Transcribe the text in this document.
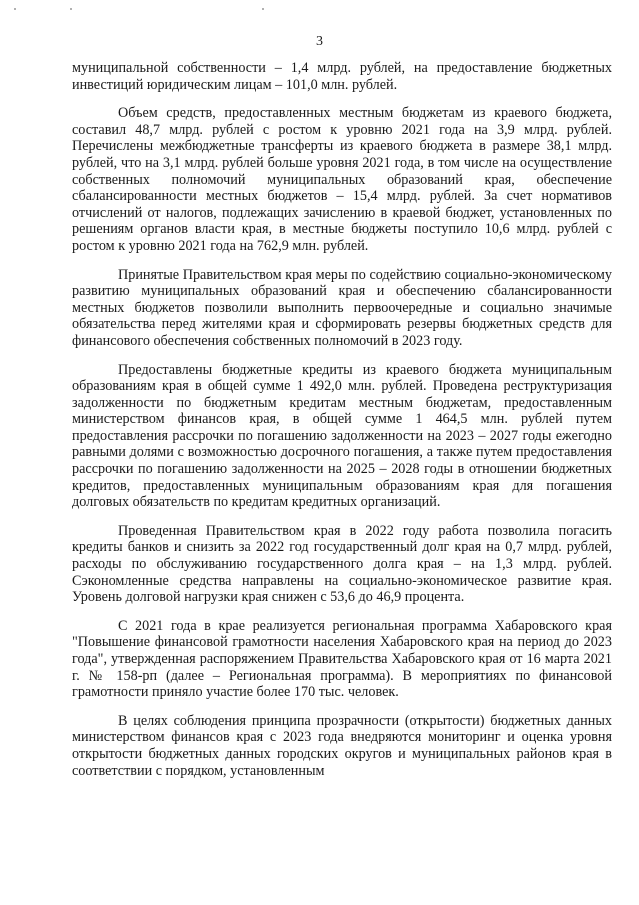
3

муниципальной собственности – 1,4 млрд. рублей, на предоставление бюджетных инвестиций юридическим лицам – 101,0 млн. рублей.

Объем средств, предоставленных местным бюджетам из краевого бюджета, составил 48,7 млрд. рублей с ростом к уровню 2021 года на 3,9 млрд. рублей. Перечислены межбюджетные трансферты из краевого бюджета в размере 38,1 млрд. рублей, что на 3,1 млрд. рублей больше уровня 2021 года, в том числе на осуществление собственных полномочий муниципальных образований края, обеспечение сбалансированности местных бюджетов – 15,4 млрд. рублей. За счет нормативов отчислений от налогов, подлежащих зачислению в краевой бюджет, установленных по решениям органов власти края, в местные бюджеты поступило 10,6 млрд. рублей с ростом к уровню 2021 года на 762,9 млн. рублей.

Принятые Правительством края меры по содействию социально-экономическому развитию муниципальных образований края и обеспечению сбалансированности местных бюджетов позволили выполнить первоочередные и социально значимые обязательства перед жителями края и сформировать резервы бюджетных средств для финансового обеспечения собственных полномочий в 2023 году.

Предоставлены бюджетные кредиты из краевого бюджета муниципальным образованиям края в общей сумме 1 492,0 млн. рублей. Проведена реструктуризация задолженности по бюджетным кредитам местным бюджетам, предоставленным министерством финансов края, в общей сумме 1 464,5 млн. рублей путем предоставления рассрочки по погашению задолженности на 2023 – 2027 годы ежегодно равными долями с возможностью досрочного погашения, а также путем предоставления рассрочки по погашению задолженности на 2025 – 2028 годы в отношении бюджетных кредитов, предоставленных муниципальным образованиям края для погашения долговых обязательств по кредитам кредитных организаций.

Проведенная Правительством края в 2022 году работа позволила погасить кредиты банков и снизить за 2022 год государственный долг края на 0,7 млрд. рублей, расходы по обслуживанию государственного долга края – на 1,3 млрд. рублей. Сэкономленные средства направлены на социально-экономическое развитие края. Уровень долговой нагрузки края снижен с 53,6 до 46,9 процента.

С 2021 года в крае реализуется региональная программа Хабаровского края "Повышение финансовой грамотности населения Хабаровского края на период до 2023 года", утвержденная распоряжением Правительства Хабаровского края от 16 марта 2021 г. № 158-рп (далее – Региональная программа). В мероприятиях по финансовой грамотности приняло участие более 170 тыс. человек.

В целях соблюдения принципа прозрачности (открытости) бюджетных данных министерством финансов края с 2023 года внедряются мониторинг и оценка уровня открытости бюджетных данных городских округов и муниципальных районов края в соответствии с порядком, установленным
